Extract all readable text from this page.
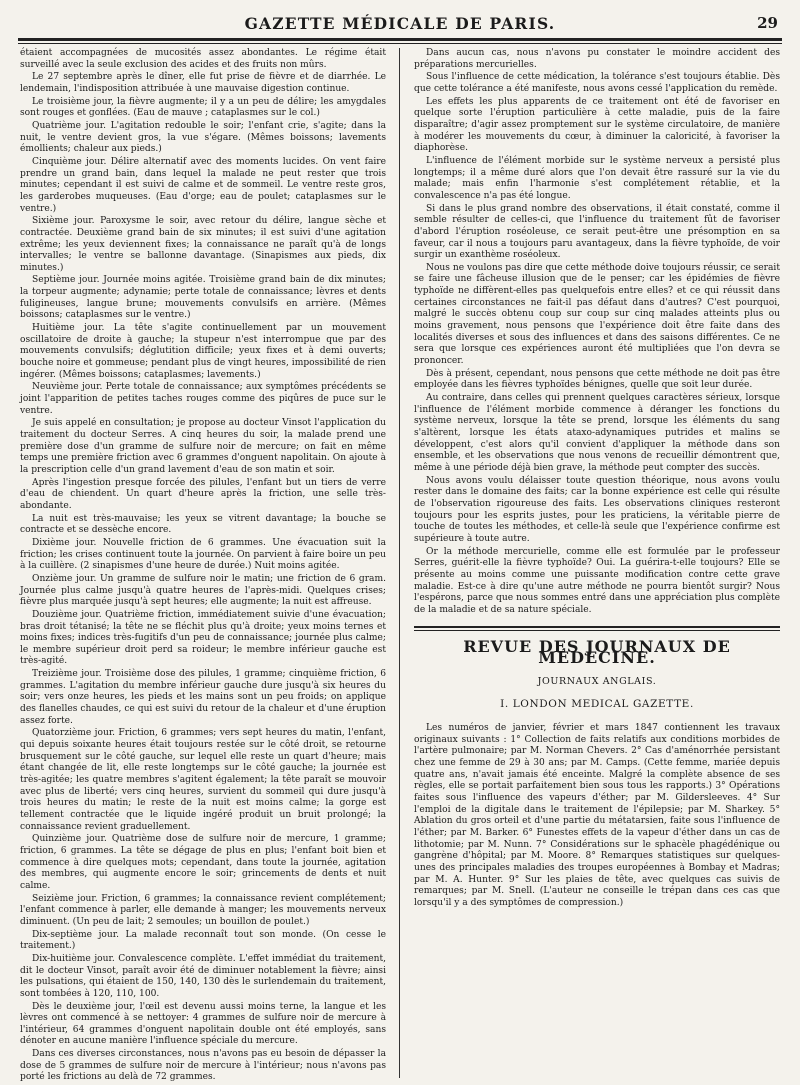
GAZETTE MÉDICALE DE PARIS.	29

étaient accompagnées de mucosités assez abondantes. Le régime était surveillé avec la seule exclusion des acides et des fruits non mûrs.

Le 27 septembre après le dîner, elle fut prise de fièvre et de diarrhée. Le lendemain, l'indisposition attribuée à une mauvaise digestion continue.

Le troisième jour, la fièvre augmente; il y a un peu de délire; les amygdales sont rouges et gonflées. (Eau de mauve ; cataplasmes sur le col.)

Quatrième jour. L'agitation redouble le soir; l'enfant crie, s'agite; dans la nuit, le ventre devient gros, la vue s'égare. (Mêmes boissons; lavements émollients; chaleur aux pieds.)

Cinquième jour. Délire alternatif avec des moments lucides. On vent faire prendre un grand bain, dans lequel la malade ne peut rester que trois minutes; cependant il est suivi de calme et de sommeil. Le ventre reste gros, les garderobes muqueuses. (Eau d'orge; eau de poulet; cataplasmes sur le ventre.)

Sixième jour. Paroxysme le soir, avec retour du délire, langue sèche et contractée. Deuxième grand bain de six minutes; il est suivi d'une agitation extrême; les yeux deviennent fixes; la connaissance ne paraît qu'à de longs intervalles; le ventre se ballonne davantage. (Sinapismes aux pieds, dix minutes.)

Septième jour. Journée moins agitée. Troisième grand bain de dix minutes; la torpeur augmente; adynamie; perte totale de connaissance; lèvres et dents fuligineuses, langue brune; mouvements convulsifs en arrière. (Mêmes boissons; cataplasmes sur le ventre.)

Huitième jour. La tête s'agite continuellement par un mouvement oscillatoire de droite à gauche; la stupeur n'est interrompue que par des mouvements convulsifs; déglutition difficile; yeux fixes et à demi ouverts; bouche noire et gommeuse; pendant plus de vingt heures, impossibilité de rien ingérer. (Mêmes boissons; cataplasmes; lavements.)

Neuvième jour. Perte totale de connaissance; aux symptômes précédents se joint l'apparition de petites taches rouges comme des piqûres de puce sur le ventre.

Je suis appelé en consultation; je propose au docteur Vinsot l'application du traitement du docteur Serres. A cinq heures du soir, la malade prend une première dose d'un gramme de sulfure noir de mercure; on fait en même temps une première friction avec 6 grammes d'onguent napolitain. On ajoute à la prescription celle d'un grand lavement d'eau de son matin et soir.

Après l'ingestion presque forcée des pilules, l'enfant but un tiers de verre d'eau de chiendent. Un quart d'heure après la friction, une selle très-abondante.

La nuit est très-mauvaise; les yeux se vitrent davantage; la bouche se contracte et se dessèche encore.

Dixième jour. Nouvelle friction de 6 grammes. Une évacuation suit la friction; les crises continuent toute la journée. On parvient à faire boire un peu à la cuillère. (2 sinapismes d'une heure de durée.) Nuit moins agitée.

Onzième jour. Un gramme de sulfure noir le matin; une friction de 6 gram. Journée plus calme jusqu'à quatre heures de l'après-midi. Quelques crises; fièvre plus marquée jusqu'à sept heures; elle augmente; la nuit est affreuse.

Douzième jour. Quatrième friction, immédiatement suivie d'une évacuation; bras droit tétanisé; la tête ne se fléchit plus qu'à droite; yeux moins ternes et moins fixes; indices très-fugitifs d'un peu de connaissance; journée plus calme; le membre supérieur droit perd sa roideur; le membre inférieur gauche est très-agité.

Treizième jour. Troisième dose des pilules, 1 gramme; cinquième friction, 6 grammes. L'agitation du membre inférieur gauche dure jusqu'à six heures du soir; vers onze heures, les pieds et les mains sont un peu froids; on applique des flanelles chaudes, ce qui est suivi du retour de la chaleur et d'une éruption assez forte.

Quatorzième jour. Friction, 6 grammes; vers sept heures du matin, l'enfant, qui depuis soixante heures était toujours restée sur le côté droit, se retourne brusquement sur le côté gauche, sur lequel elle reste un quart d'heure; mais étant changée de lit, elle reste longtemps sur le côté gauche; la journée est très-agitée; les quatre membres s'agitent également; la tête paraît se mouvoir avec plus de liberté; vers cinq heures, survient du sommeil qui dure jusqu'à trois heures du matin; le reste de la nuit est moins calme; la gorge est tellement contractée que le liquide ingéré produit un bruit prolongé; la connaissance revient graduellement.

Quinzième jour. Quatrième dose de sulfure noir de mercure, 1 gramme; friction, 6 grammes. La tête se dégage de plus en plus; l'enfant boit bien et commence à dire quelques mots; cependant, dans toute la journée, agitation des membres, qui augmente encore le soir; grincements de dents et nuit calme.

Seizième jour. Friction, 6 grammes; la connaissance revient complétement; l'enfant commence à parler, elle demande à manger; les mouvements nerveux diminuent. (Un peu de lait; 2 semoules; un bouillon de poulet.)

Dix-septième jour. La malade reconnaît tout son monde. (On cesse le traitement.)

Dix-huitième jour. Convalescence complète. L'effet immédiat du traitement, dit le docteur Vinsot, paraît avoir été de diminuer notablement la fièvre; ainsi les pulsations, qui étaient de 150, 140, 130 dès le surlendemain du traitement, sont tombées à 120, 110, 100.

Dès le deuxième jour, l'œil est devenu aussi moins terne, la langue et les lèvres ont commencé à se nettoyer: 4 grammes de sulfure noir de mercure à l'intérieur, 64 grammes d'onguent napolitain double ont été employés, sans dénoter en aucune manière l'influence spéciale du mercure.

Dans ces diverses circonstances, nous n'avons pas eu besoin de dépasser la dose de 5 grammes de sulfure noir de mercure à l'intérieur; nous n'avons pas porté les frictions au delà de 72 grammes.

Dans aucun cas, nous n'avons pu constater le moindre accident des préparations mercurielles.

Sous l'influence de cette médication, la tolérance s'est toujours établie. Dès que cette tolérance a été manifeste, nous avons cessé l'application du remède.

Les effets les plus apparents de ce traitement ont été de favoriser en quelque sorte l'éruption particulière à cette maladie, puis de la faire disparaître; d'agir assez promptement sur le système circulatoire, de manière à modérer les mouvements du cœur, à diminuer la caloricité, à favoriser la diaphorèse.

L'influence de l'élément morbide sur le système nerveux a persisté plus longtemps; il a même duré alors que l'on devait être rassuré sur la vie du malade; mais enfin l'harmonie s'est complétement rétablie, et la convalescence n'a pas été longue.

Si dans le plus grand nombre des observations, il était constaté, comme il semble résulter de celles-ci, que l'influence du traitement fût de favoriser d'abord l'éruption roséoleuse, ce serait peut-être une présomption en sa faveur, car il nous a toujours paru avantageux, dans la fièvre typhoïde, de voir surgir un exanthème roséoleux.

Nous ne voulons pas dire que cette méthode doive toujours réussir, ce serait se faire une fâcheuse illusion que de le penser; car les épidémies de fièvre typhoïde ne diffèrent-elles pas quelquefois entre elles? et ce qui réussit dans certaines circonstances ne fait-il pas défaut dans d'autres? C'est pourquoi, malgré le succès obtenu coup sur coup sur cinq malades atteints plus ou moins gravement, nous pensons que l'expérience doit être faite dans des localités diverses et sous des influences et dans des saisons différentes. Ce ne sera que lorsque ces expériences auront été multipliées que l'on devra se prononcer.

Dès à présent, cependant, nous pensons que cette méthode ne doit pas être employée dans les fièvres typhoïdes bénignes, quelle que soit leur durée.

Au contraire, dans celles qui prennent quelques caractères sérieux, lorsque l'influence de l'élément morbide commence à déranger les fonctions du système nerveux, lorsque la tête se prend, lorsque les éléments du sang s'altèrent, lorsque les états ataxo-adynamiques putrides et malins se développent, c'est alors qu'il convient d'appliquer la méthode dans son ensemble, et les observations que nous venons de recueillir démontrent que, même à une période déjà bien grave, la méthode peut compter des succès.

Nous avons voulu délaisser toute question théorique, nous avons voulu rester dans le domaine des faits; car la bonne expérience est celle qui résulte de l'observation rigoureuse des faits. Les observations cliniques resteront toujours pour les esprits justes, pour les praticiens, la véritable pierre de touche de toutes les méthodes, et celle-là seule que l'expérience confirme est supérieure à toute autre.

Or la méthode mercurielle, comme elle est formulée par le professeur Serres, guérit-elle la fièvre typhoïde? Oui. La guérira-t-elle toujours? Elle se présente au moins comme une puissante modification contre cette grave maladie. Est-ce à dire qu'une autre méthode ne pourra bientôt surgir? Nous l'espérons, parce que nous sommes entré dans une appréciation plus complète de la maladie et de sa nature spéciale.

REVUE DES JOURNAUX DE MÉDECINE.
JOURNAUX ANGLAIS.
I. LONDON MEDICAL GAZETTE.

Les numéros de janvier, février et mars 1847 contiennent les travaux originaux suivants : 1° Collection de faits relatifs aux conditions morbides de l'artère pulmonaire; par M. Norman Chevers. 2° Cas d'aménorrhée persistant chez une femme de 29 à 30 ans; par M. Camps. (Cette femme, mariée depuis quatre ans, n'avait jamais été enceinte. Malgré la complète absence de ses règles, elle se portait parfaitement bien sous tous les rapports.) 3° Opérations faites sous l'influence des vapeurs d'éther; par M. Gildersleeves. 4° Sur l'emploi de la digitale dans le traitement de l'épilepsie; par M. Sharkey. 5° Ablation du gros orteil et d'une partie du métatarsien, faite sous l'influence de l'éther; par M. Barker. 6° Funestes effets de la vapeur d'éther dans un cas de lithotomie; par M. Nunn. 7° Considérations sur le sphacèle phagédénique ou gangrène d'hôpital; par M. Moore. 8° Remarques statistiques sur quelques-unes des principales maladies des troupes européennes à Bombay et Madras; par M. A. Hunter. 9° Sur les plaies de tête, avec quelques cas suivis de remarques; par M. Snell. (L'auteur ne conseille le trépan dans ces cas que lorsqu'il y a des symptômes de compression.)
